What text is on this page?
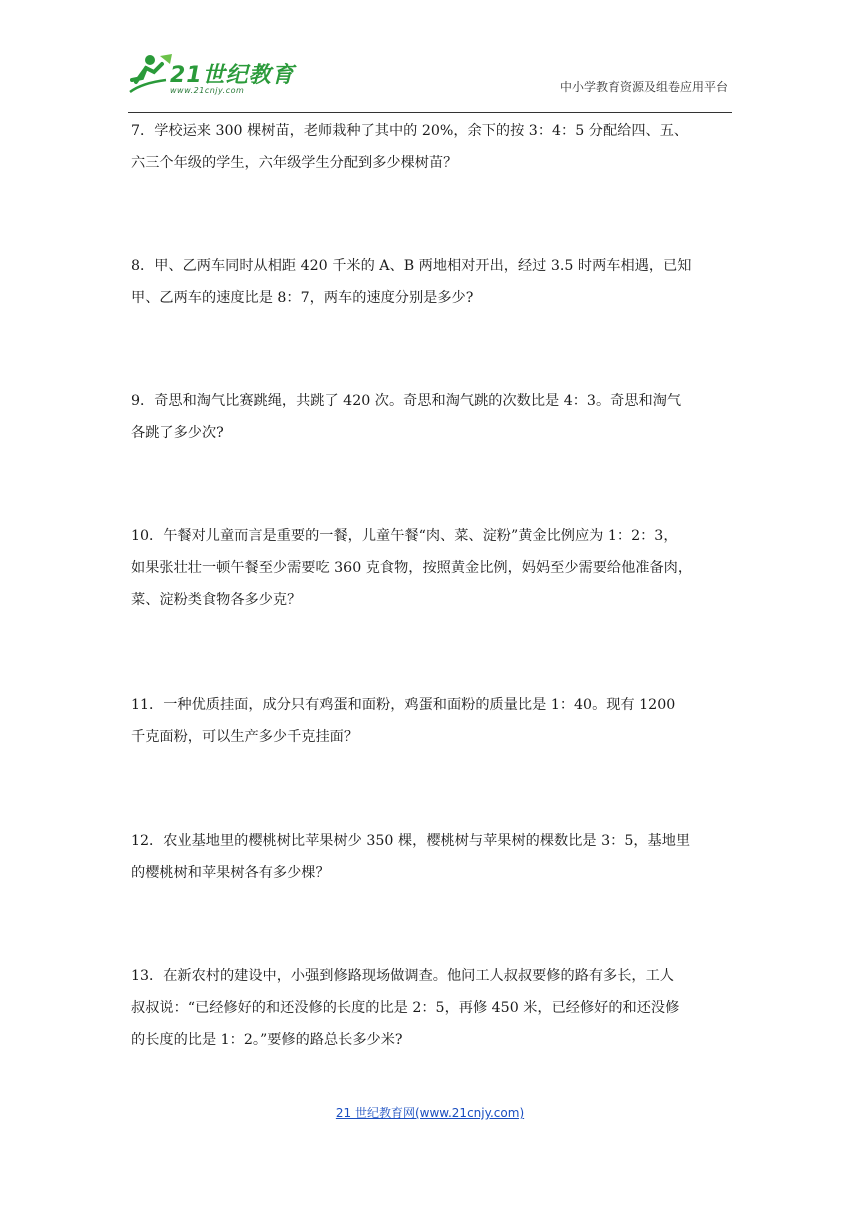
21世纪教育
www.21cnjy.com	中小学教育资源及组卷应用平台
7．学校运来 300 棵树苗，老师栽种了其中的 20%，余下的按 3：4：5 分配给四、五、
六三个年级的学生，六年级学生分配到多少棵树苗？
8．甲、乙两车同时从相距 420 千米的 A、B 两地相对开出，经过 3.5 时两车相遇，已知
甲、乙两车的速度比是 8：7，两车的速度分别是多少?
9．奇思和淘气比赛跳绳，共跳了 420 次。奇思和淘气跳的次数比是 4：3。奇思和淘气
各跳了多少次?
10．午餐对儿童而言是重要的一餐，儿童午餐“肉、菜、淀粉”黄金比例应为 1：2：3，
如果张壮壮一顿午餐至少需要吃 360 克食物，按照黄金比例，妈妈至少需要给他准备肉，
菜、淀粉类食物各多少克？
11．一种优质挂面，成分只有鸡蛋和面粉，鸡蛋和面粉的质量比是 1：40。现有 1200
千克面粉，可以生产多少千克挂面？
12．农业基地里的樱桃树比苹果树少 350 棵，樱桃树与苹果树的棵数比是 3：5，基地里
的樱桃树和苹果树各有多少棵？
13．在新农村的建设中，小强到修路现场做调查。他问工人叔叔要修的路有多长，工人
叔叔说：“已经修好的和还没修的长度的比是 2：5，再修 450 米，已经修好的和还没修
的长度的比是 1：2。”要修的路总长多少米?
21 世纪教育网(www.21cnjy.com)
